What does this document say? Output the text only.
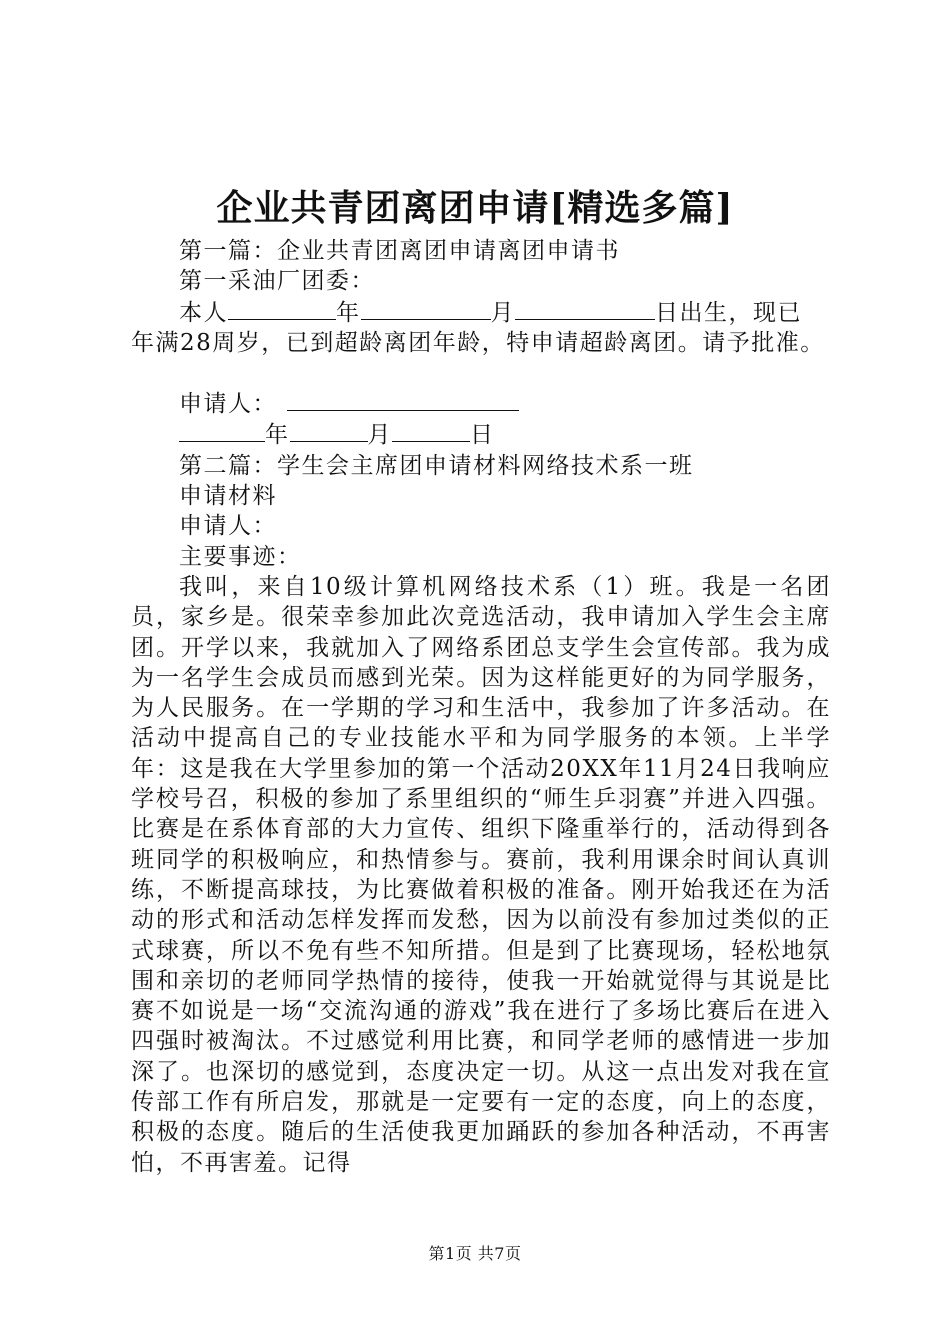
企业共青团离团申请[精选多篇]
第一篇：企业共青团离团申请离团申请书
第一采油厂团委：
本人	年	月	日出生，现已
年满28周岁，已到超龄离团年龄，特申请超龄离团。请予批准。
申请人：
年	月	日
第二篇：学生会主席团申请材料网络技术系一班
申请材料
申请人：
主要事迹：
我叫，来自10级计算机网络技术系（1）班。我是一名团员，家乡是。很荣幸参加此次竞选活动，我申请加入学生会主席团。开学以来，我就加入了网络系团总支学生会宣传部。我为成为一名学生会成员而感到光荣。因为这样能更好的为同学服务，为人民服务。在一学期的学习和生活中，我参加了许多活动。在活动中提高自己的专业技能水平和为同学服务的本领。上半学年：这是我在大学里参加的第一个活动20XX年11月24日我响应学校号召，积极的参加了系里组织的“师生乒羽赛”并进入四强。比赛是在系体育部的大力宣传、组织下隆重举行的，活动得到各班同学的积极响应，和热情参与。赛前，我利用课余时间认真训练，不断提高球技，为比赛做着积极的准备。刚开始我还在为活动的形式和活动怎样发挥而发愁，因为以前没有参加过类似的正式球赛，所以不免有些不知所措。但是到了比赛现场，轻松地氛围和亲切的老师同学热情的接待，使我一开始就觉得与其说是比赛不如说是一场“交流沟通的游戏”我在进行了多场比赛后在进入四强时被淘汰。不过感觉利用比赛，和同学老师的感情进一步加深了。也深切的感觉到，态度决定一切。从这一点出发对我在宣传部工作有所启发，那就是一定要有一定的态度，向上的态度，积极的态度。随后的生活使我更加踊跃的参加各种活动，不再害怕，不再害羞。记得
第1页 共7页
